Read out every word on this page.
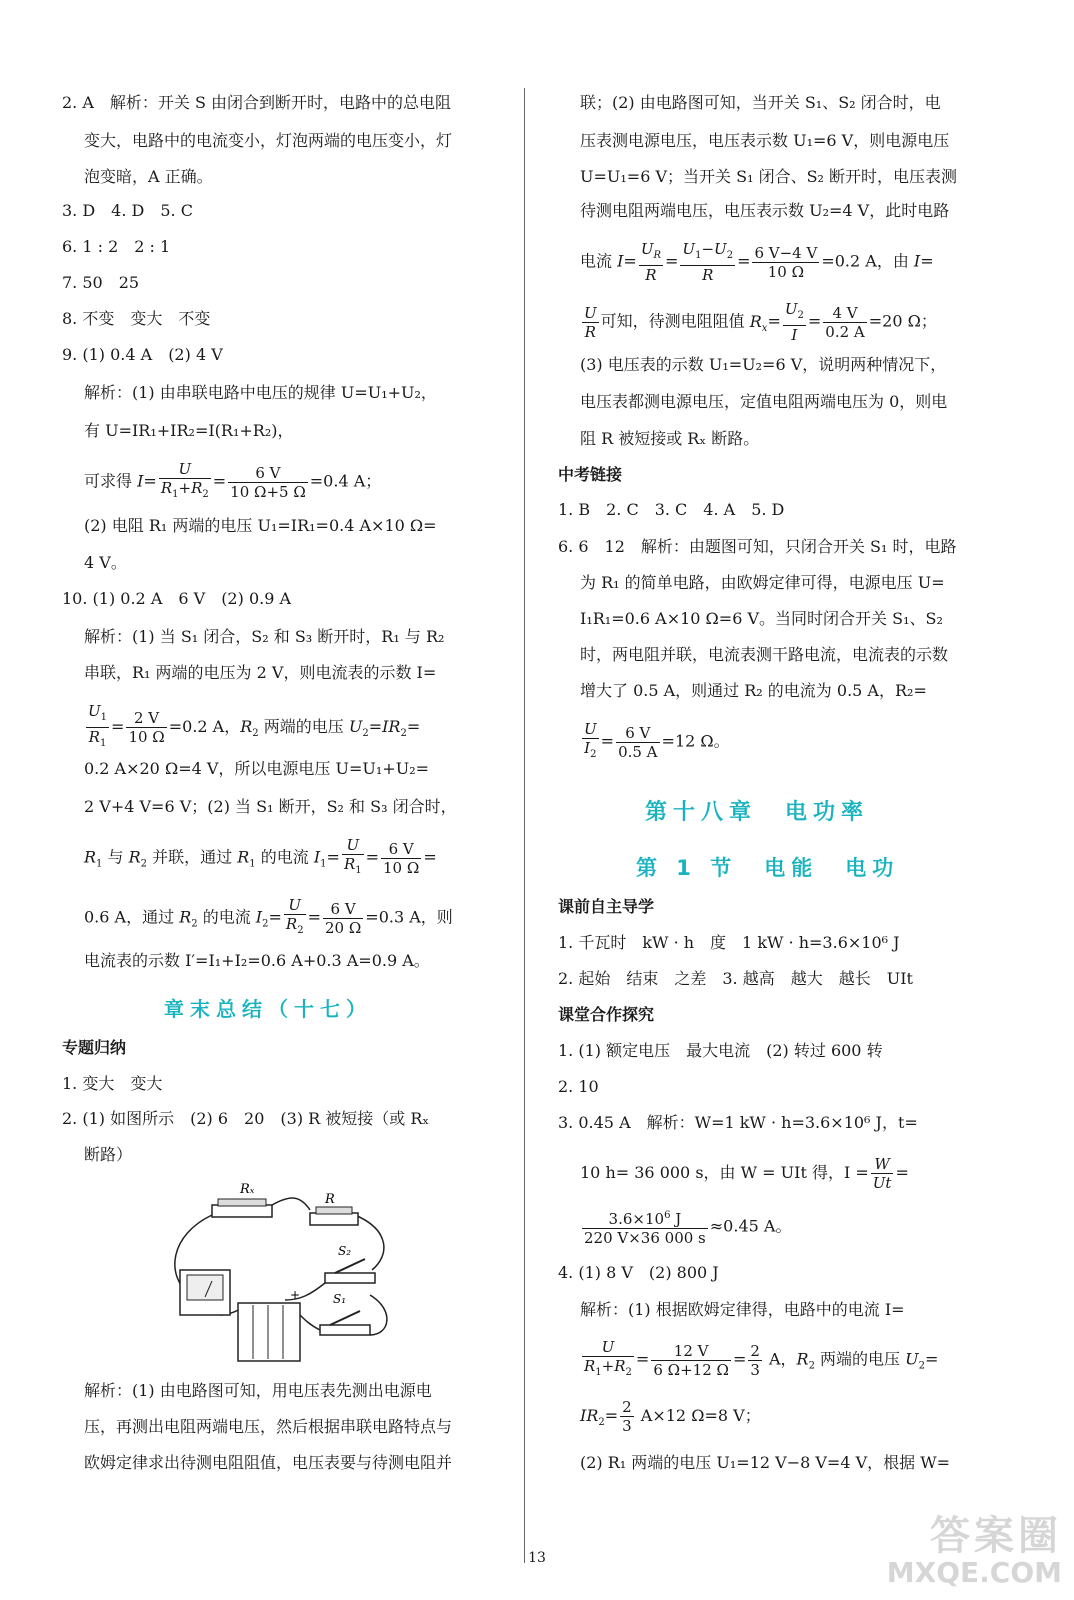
2. A　解析：开关 S 由闭合到断开时，电路中的总电阻
变大，电路中的电流变小，灯泡两端的电压变小，灯
泡变暗，A 正确。
3. D　4. D　5. C
6. 1 : 2　2 : 1
7. 50　25
8. 不变　变大　不变
9. (1) 0.4 A　(2) 4 V
解析：(1) 由串联电路中电压的规律 U=U₁+U₂，
有 U=IR₁+IR₂=I(R₁+R₂)，
可求得 $I= \frac{U}{R_1+R_2} = \frac{6 V}{10 \Omega+5 \Omega} =0.4$ A；
(2) 电阻 R₁ 两端的电压 U₁=IR₁=0.4 A×10 Ω=
4 V。
10. (1) 0.2 A　6 V　(2) 0.9 A
解析：(1) 当 S₁ 闭合，S₂ 和 S₃ 断开时，R₁ 与 R₂
串联，R₁ 两端的电压为 2 V，则电流表的示数 I=
$\frac{U_1}{R_1} = \frac{2 V}{10 \Omega} =0.2$ A，$R_2$ 两端的电压 $U_2=IR_2=$
0.2 A×20 Ω=4 V，所以电源电压 U=U₁+U₂=
2 V+4 V=6 V；(2) 当 S₁ 断开，S₂ 和 S₃ 闭合时，
$R_1$ 与 $R_2$ 并联，通过 $R_1$ 的电流 $I_1= \frac{U}{R_1} = \frac{6 V}{10 \Omega}$ =
0.6 A，通过 $R_2$ 的电流 $I_2= \frac{U}{R_2} = \frac{6 V}{20 \Omega} =0.3$ A，则
电流表的示数 I′=I₁+I₂=0.6 A+0.3 A=0.9 A。
章末总结（十七）
专题归纳
1. 变大　变大
2. (1) 如图所示　(2) 6　20　(3) R 被短接（或 Rₓ
断路）
Rₓ
R
S₂
S₁
+
解析：(1) 由电路图可知，用电压表先测出电源电
压，再测出电阻两端电压，然后根据串联电路特点与
欧姆定律求出待测电阻阻值，电压表要与待测电阻并
联；(2) 由电路图可知，当开关 S₁、S₂ 闭合时，电
压表测电源电压，电压表示数 U₁=6 V，则电源电压
U=U₁=6 V；当开关 S₁ 闭合、S₂ 断开时，电压表测
待测电阻两端电压，电压表示数 U₂=4 V，此时电路
电流 $I= \frac{U_R}{R} = \frac{U_1-U_2}{R} = \frac{6 V-4 V}{10 \Omega} =0.2$ A，由 I=
$\frac{U}{R}$ 可知，待测电阻阻值 $R_x= \frac{U_2}{I} = \frac{4 V}{0.2 A} =20$ Ω；
(3) 电压表的示数 U₁=U₂=6 V，说明两种情况下，
电压表都测电源电压，定值电阻两端电压为 0，则电
阻 R 被短接或 Rₓ 断路。
中考链接
1. B　2. C　3. C　4. A　5. D
6. 6　12　解析：由题图可知，只闭合开关 S₁ 时，电路
为 R₁ 的简单电路，由欧姆定律可得，电源电压 U=
I₁R₁=0.6 A×10 Ω=6 V。当同时闭合开关 S₁、S₂
时，两电阻并联，电流表测干路电流，电流表的示数
增大了 0.5 A，则通过 R₂ 的电流为 0.5 A，R₂=
$\frac{U}{I_2} = \frac{6 V}{0.5 A} =12$ Ω。
第十八章　电功率
第 1 节　电能　电功
课前自主导学
1. 千瓦时　kW · h　度　1 kW · h=3.6×10⁶ J
2. 起始　结束　之差　3. 越高　越大　越长　UIt
课堂合作探究
1. (1) 额定电压　最大电流　(2) 转过 600 转
2. 10
3. 0.45 A　解析：W=1 kW · h=3.6×10⁶ J，t=
10 h= 36 000 s，由 W = UIt 得，$I = \frac{W}{Ut}$ =
$\frac{3.6\times 10^6 J}{220 V\times 36 000 s} \approx 0.45$ A。
4. (1) 8 V　(2) 800 J
解析：(1) 根据欧姆定律得，电路中的电流 I=
$\frac{U}{R_1+R_2} = \frac{12 V}{6 \Omega+12 \Omega} = \frac{2}{3}$ A，$R_2$ 两端的电压 $U_2=$
$IR_2= \frac{2}{3} A\times 12$ Ω=8 V；
(2) R₁ 两端的电压 U₁=12 V−8 V=4 V，根据 W=
13	答案圈
MXQE.COM
